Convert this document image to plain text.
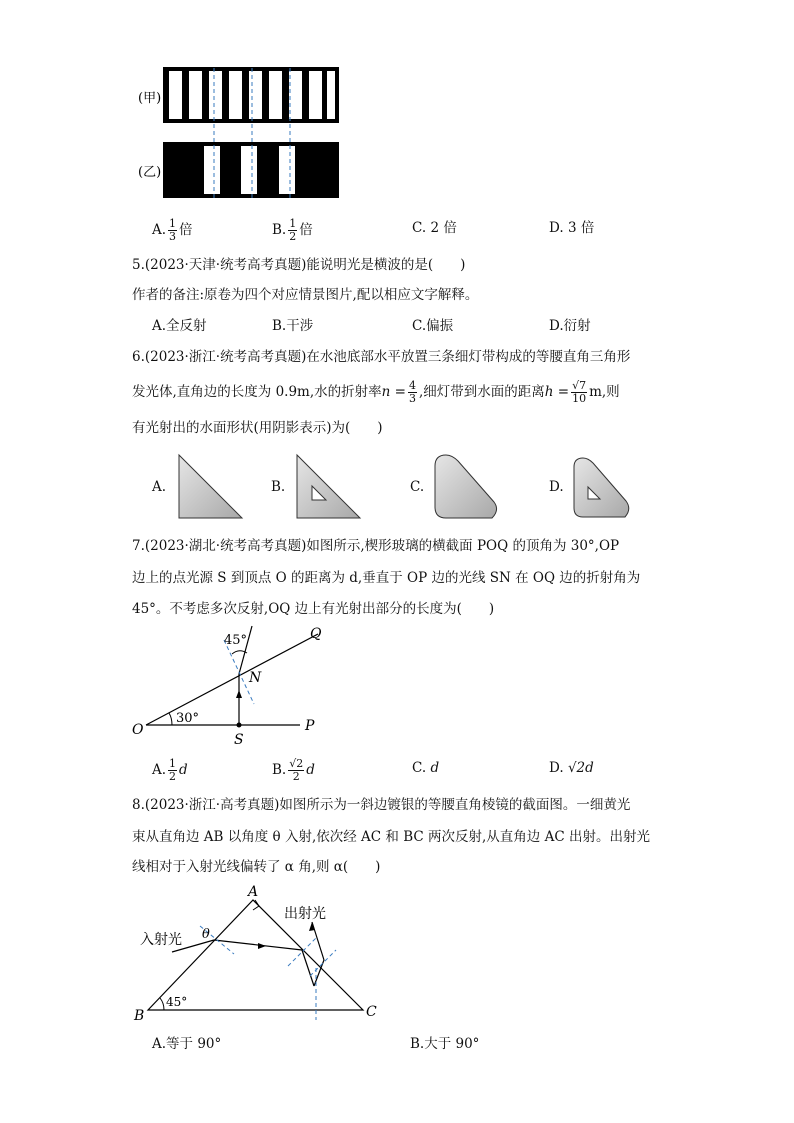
(甲)
(乙)
A. $\frac{1}{3}$ 倍	B. $\frac{1}{2}$ 倍	C. 2 倍	D. 3 倍
5.(2023·天津·统考高考真题)能说明光是横波的是(　　)
作者的备注:原卷为四个对应情景图片,配以相应文字解释。
A.全反射	B.干涉	C.偏振	D.衍射
6.(2023·浙江·统考高考真题)在水池底部水平放置三条细灯带构成的等腰直角三角形
发光体,直角边的长度为 0.9m,水的折射率$n = \frac{4}{3}$ ,细灯带到水面的距离$h = \frac{√7}{10} m$,则
有光射出的水面形状(用阴影表示)为(　　)
A.	B.	C.	D.
7.(2023·湖北·统考高考真题)如图所示,楔形玻璃的横截面 POQ 的顶角为 30°,OP
边上的点光源 S 到顶点 O 的距离为 d,垂直于 OP 边的光线 SN 在 OQ 边的折射角为
45°。不考虑多次反射,OQ 边上有光射出部分的长度为(　　)
45°
30°
O	P
Q
S
N
A. $\frac{1}{2}$ d	B. $\frac{√2}{2}$ d	C. d	D. √2d
8.(2023·浙江·高考真题)如图所示为一斜边镀银的等腰直角棱镜的截面图。一细黄光
束从直角边 AB 以角度 θ 入射,依次经 AC 和 BC 两次反射,从直角边 AC 出射。出射光
线相对于入射光线偏转了 α 角,则 α(　　)
45°
θ
A
B	C
入射光
出射光
A.等于 90°	B.大于 90°
